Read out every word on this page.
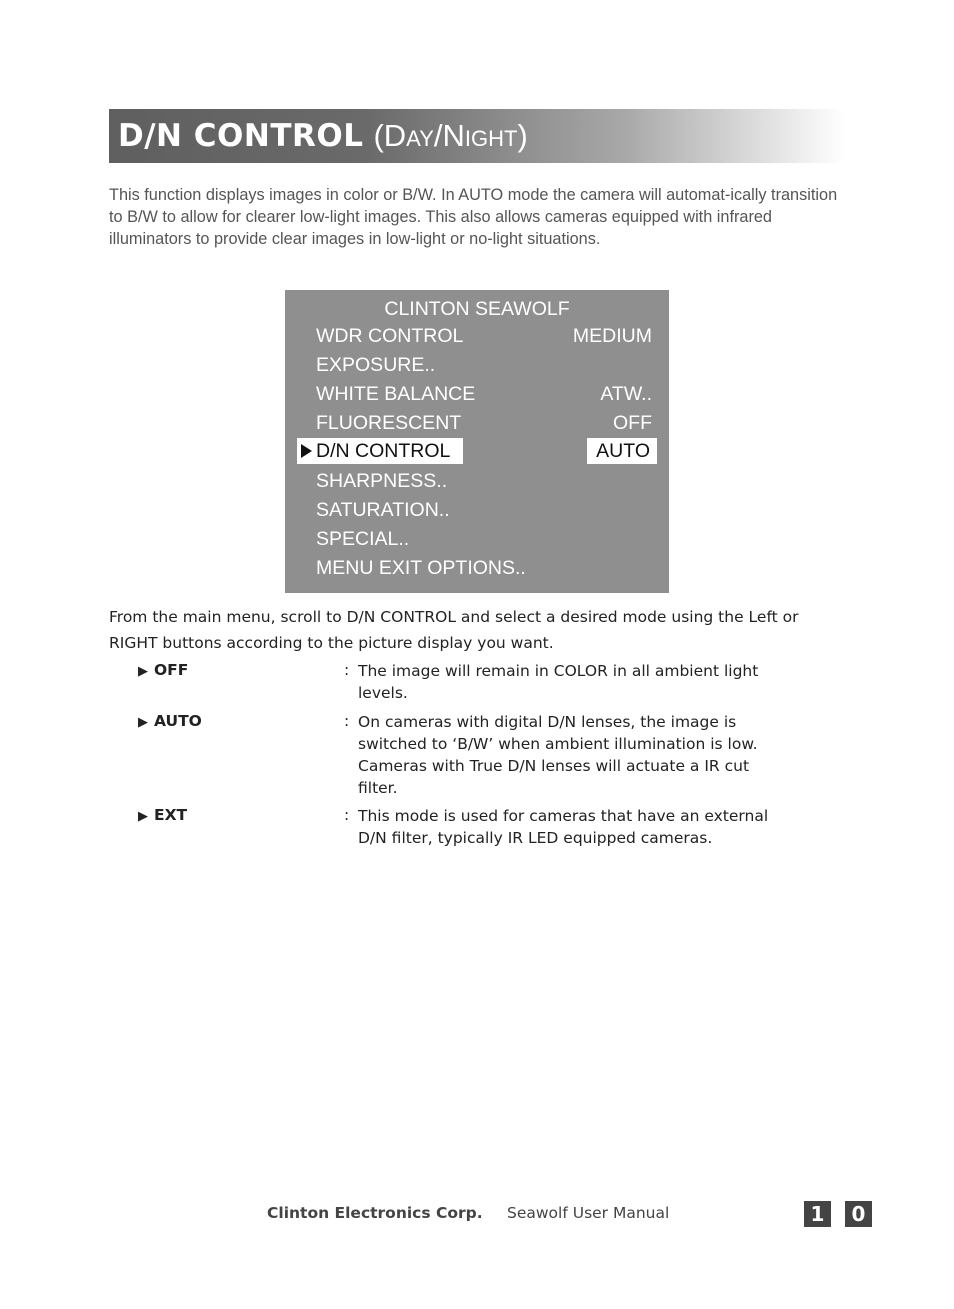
D/N CONTROL (Day/Night)

This function displays images in color or B/W. In AUTO mode the camera will automat-ically transition to B/W to allow for clearer low-light images. This also allows cameras equipped with infrared illuminators to provide clear images in low-light or no-light situations.

CLINTON SEAWOLF
WDR CONTROL	MEDIUM
EXPOSURE..
WHITE BALANCE	ATW..
FLUORESCENT	OFF
D/N CONTROL	AUTO
SHARPNESS..
SATURATION..
SPECIAL..
MENU EXIT OPTIONS..

From the main menu, scroll to D/N CONTROL and select a desired mode using the Left or RIGHT buttons according to the picture display you want.

▶ OFF	: The image will remain in COLOR in all ambient light
levels.
▶ AUTO	: On cameras with digital D/N lenses, the image is
switched to ‘B/W’ when ambient illumination is low.
Cameras with True D/N lenses will actuate a IR cut
filter.
▶ EXT	: This mode is used for cameras that have an external
D/N filter, typically IR LED equipped cameras.
Clinton Electronics Corp. Seawolf User Manual	1	0
